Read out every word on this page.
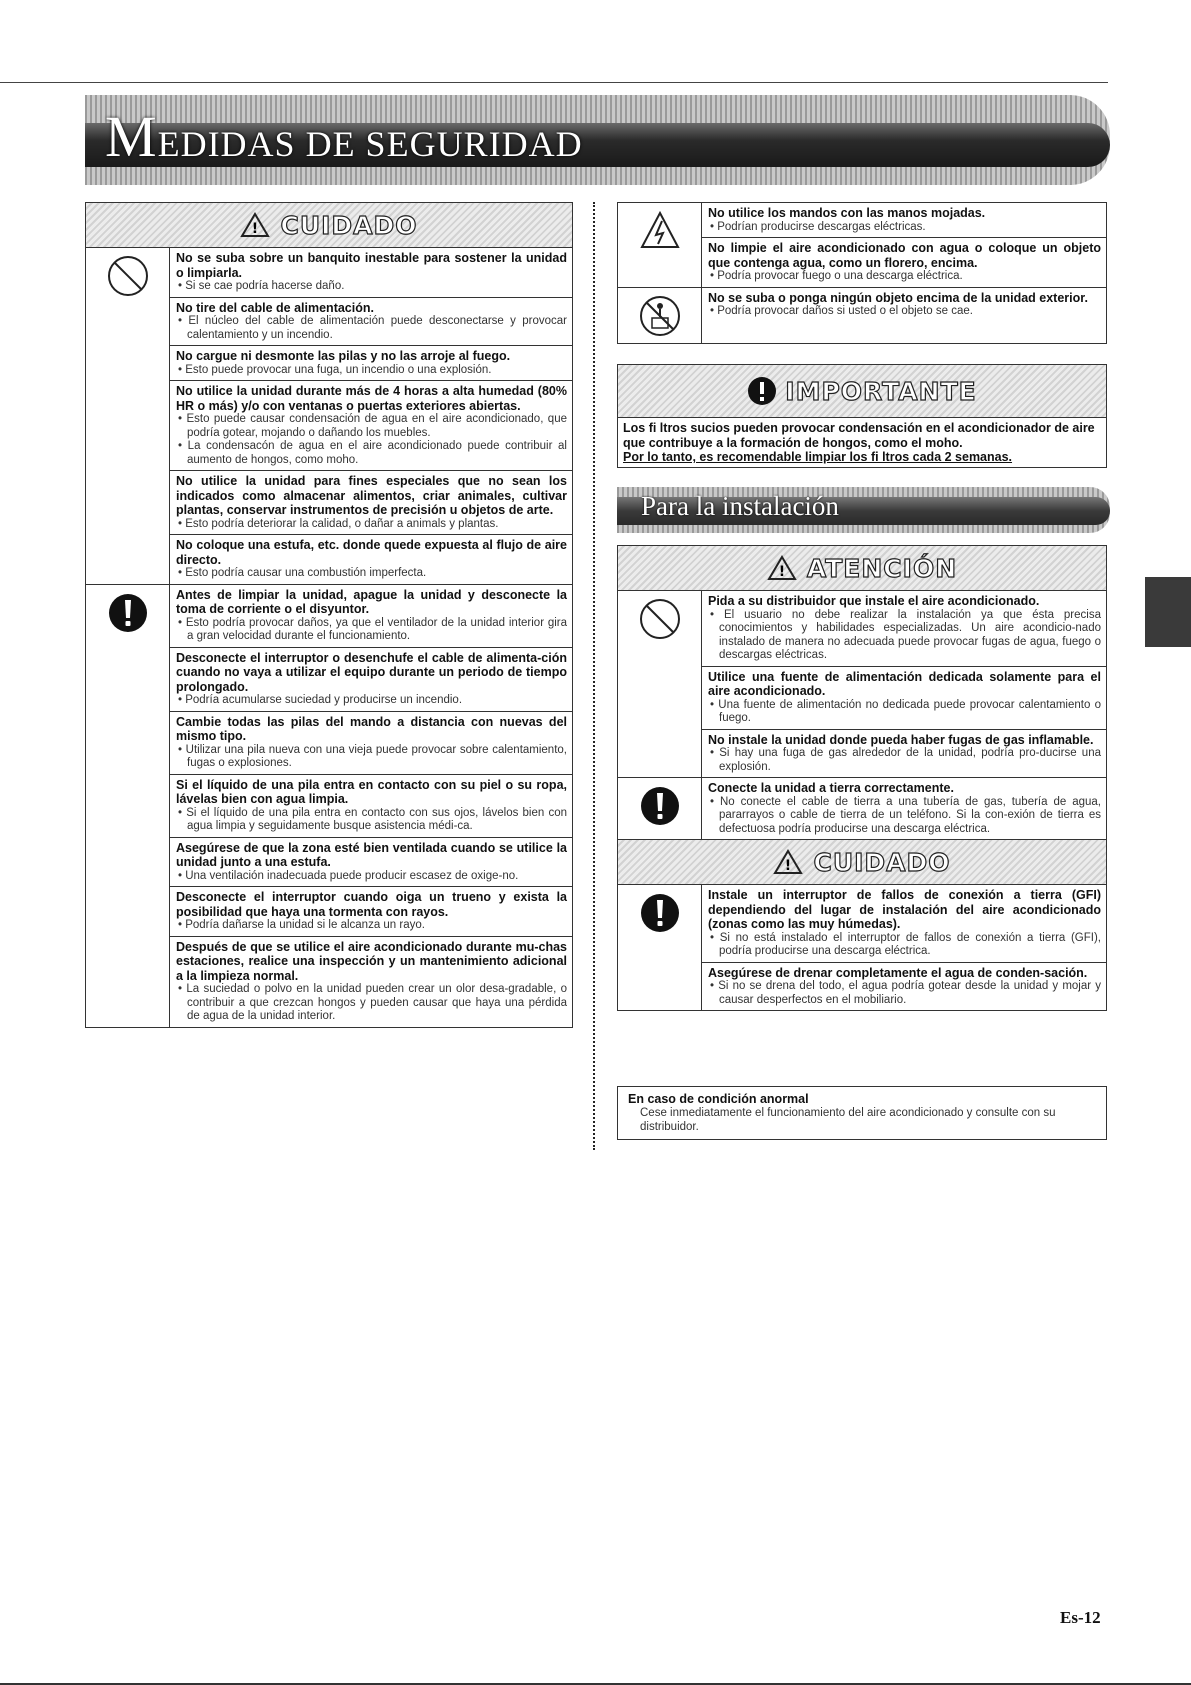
MEDIDAS DE SEGURIDAD
! CUIDADO
No se suba sobre un banquito inestable para sostener la unidad o limpiarla.
• Si se cae podría hacerse daño.
No tire del cable de alimentación.
• El núcleo del cable de alimentación puede desconectarse y provocar calentamiento y un incendio.
No cargue ni desmonte las pilas y no las arroje al fuego.
• Esto puede provocar una fuga, un incendio o una explosión.
No utilice la unidad durante más de 4 horas a alta humedad (80% HR o más) y/o con ventanas o puertas exteriores abiertas.
• Esto puede causar condensación de agua en el aire acondicionado, que podría gotear, mojando o dañando los muebles.
• La condensacón de agua en el aire acondicionado puede contribuir al aumento de hongos, como moho.
No utilice la unidad para fines especiales que no sean los indicados como almacenar alimentos, criar animales, cultivar plantas, conservar instrumentos de precisión u objetos de arte.
• Esto podría deteriorar la calidad, o dañar a animals y plantas.
No coloque una estufa, etc. donde quede expuesta al flujo de aire directo.
• Esto podría causar una combustión imperfecta.
Antes de limpiar la unidad, apague la unidad y desconecte la toma de corriente o el disyuntor.
• Esto podría provocar daños, ya que el ventilador de la unidad interior gira a gran velocidad durante el funcionamiento.
Desconecte el interruptor o desenchufe el cable de alimenta-ción cuando no vaya a utilizar el equipo durante un periodo de tiempo prolongado.
• Podría acumularse suciedad y producirse un incendio.
Cambie todas las pilas del mando a distancia con nuevas del mismo tipo.
• Utilizar una pila nueva con una vieja puede provocar sobre calentamiento, fugas o explosiones.
Si el líquido de una pila entra en contacto con su piel o su ropa, lávelas bien con agua limpia.
• Si el líquido de una pila entra en contacto con sus ojos, lávelos bien con agua limpia y seguidamente busque asistencia médi-ca.
Asegúrese de que la zona esté bien ventilada cuando se utilice la unidad junto a una estufa.
• Una ventilación inadecuada puede producir escasez de oxige-no.
Desconecte el interruptor cuando oiga un trueno y exista la posibilidad que haya una tormenta con rayos.
• Podría dañarse la unidad si le alcanza un rayo.
Después de que se utilice el aire acondicionado durante mu-chas estaciones, realice una inspección y un mantenimiento adicional a la limpieza normal.
• La suciedad o polvo en la unidad pueden crear un olor desa-gradable, o contribuir a que crezcan hongos y pueden causar que haya una pérdida de agua de la unidad interior.
No utilice los mandos con las manos mojadas.
• Podrían producirse descargas eléctricas.
No limpie el aire acondicionado con agua o coloque un objeto que contenga agua, como un florero, encima.
• Podría provocar fuego o una descarga eléctrica.
No se suba o ponga ningún objeto encima de la unidad exterior.
• Podría provocar daños si usted o el objeto se cae.
IMPORTANTE
Los fi ltros sucios pueden provocar condensación en el acondicionador de aire que contribuye a la formación de hongos, como el moho.
Por lo tanto, es recomendable limpiar los fi ltros cada 2 semanas.
Para la instalación
! ATENCIÓN
Pida a su distribuidor que instale el aire acondicionado.
• El usuario no debe realizar la instalación ya que ésta precisa conocimientos y habilidades especializadas. Un aire acondicio-nado instalado de manera no adecuada puede provocar fugas de agua, fuego o descargas eléctricas.
Utilice una fuente de alimentación dedicada solamente para el aire acondicionado.
• Una fuente de alimentación no dedicada puede provocar calentamiento o fuego.
No instale la unidad donde pueda haber fugas de gas inflamable.
• Si hay una fuga de gas alrededor de la unidad, podría pro-ducirse una explosión.
Conecte la unidad a tierra correctamente.
• No conecte el cable de tierra a una tubería de gas, tubería de agua, pararrayos o cable de tierra de un teléfono. Si la con-exión de tierra es defectuosa podría producirse una descarga eléctrica.
! CUIDADO
Instale un interruptor de fallos de conexión a tierra (GFI) dependiendo del lugar de instalación del aire acondicionado (zonas como las muy húmedas).
• Si no está instalado el interruptor de fallos de conexión a tierra (GFI), podría producirse una descarga eléctrica.
Asegúrese de drenar completamente el agua de conden-sación.
• Si no se drena del todo, el agua podría gotear desde la unidad y mojar y causar desperfectos en el mobiliario.
En caso de condición anormal
Cese inmediatamente el funcionamiento del aire acondicionado y consulte con su distribuidor.
Es-12
